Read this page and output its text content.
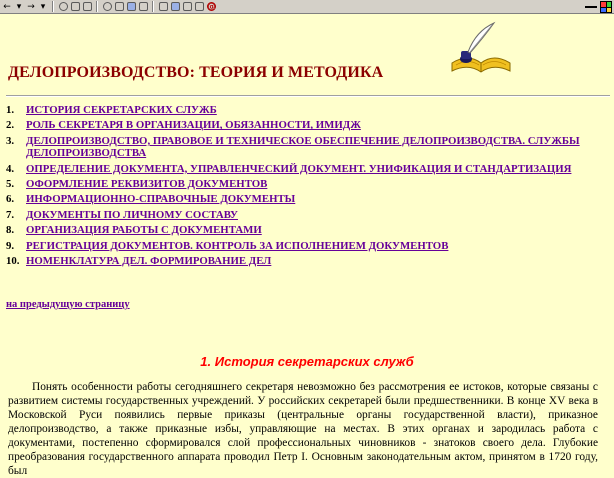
← ▾ → ▾	@
ДЕЛОПРОИЗВОДСТВО: ТЕОРИЯ И МЕТОДИКА
1.	ИСТОРИЯ СЕКРЕТАРСКИХ СЛУЖБ
2.	РОЛЬ СЕКРЕТАРЯ В ОРГАНИЗАЦИИ, ОБЯЗАННОСТИ, ИМИДЖ
3.	ДЕЛОПРОИЗВОДСТВО, ПРАВОВОЕ И ТЕХНИЧЕСКОЕ ОБЕСПЕЧЕНИЕ ДЕЛОПРОИЗВОДСТВА. СЛУЖБЫ ДЕЛОПРОИЗВОДСТВА
4.	ОПРЕДЕЛЕНИЕ ДОКУМЕНТА, УПРАВЛЕНЧЕСКИЙ ДОКУМЕНТ. УНИФИКАЦИЯ И СТАНДАРТИЗАЦИЯ
5.	ОФОРМЛЕНИЕ РЕКВИЗИТОВ ДОКУМЕНТОВ
6.	ИНФОРМАЦИОННО-СПРАВОЧНЫЕ ДОКУМЕНТЫ
7.	ДОКУМЕНТЫ ПО ЛИЧНОМУ СОСТАВУ
8.	ОРГАНИЗАЦИЯ РАБОТЫ С ДОКУМЕНТАМИ
9.	РЕГИСТРАЦИЯ ДОКУМЕНТОВ. КОНТРОЛЬ ЗА ИСПОЛНЕНИЕМ ДОКУМЕНТОВ
10. НОМЕНКЛАТУРА ДЕЛ. ФОРМИРОВАНИЕ ДЕЛ
на предыдущую страницу
1. История секретарских служб

Понять особенности работы сегодняшнего секретаря невозможно без рассмотрения ее истоков, которые связаны с развитием системы государственных учреждений. У российских секретарей были предшественники. В конце XV века в Московской Руси появились первые приказы (центральные органы государственной власти), приказное делопроизводство, а также приказные избы, управляющие на местах. В этих органах и зародилась работа с документами, постепенно сформировался слой профессиональных чиновников - знатоков своего дела. Глубокие преобразования государственного аппарата проводил Петр I. Основным законодательным актом, принятом в 1720 году, был
